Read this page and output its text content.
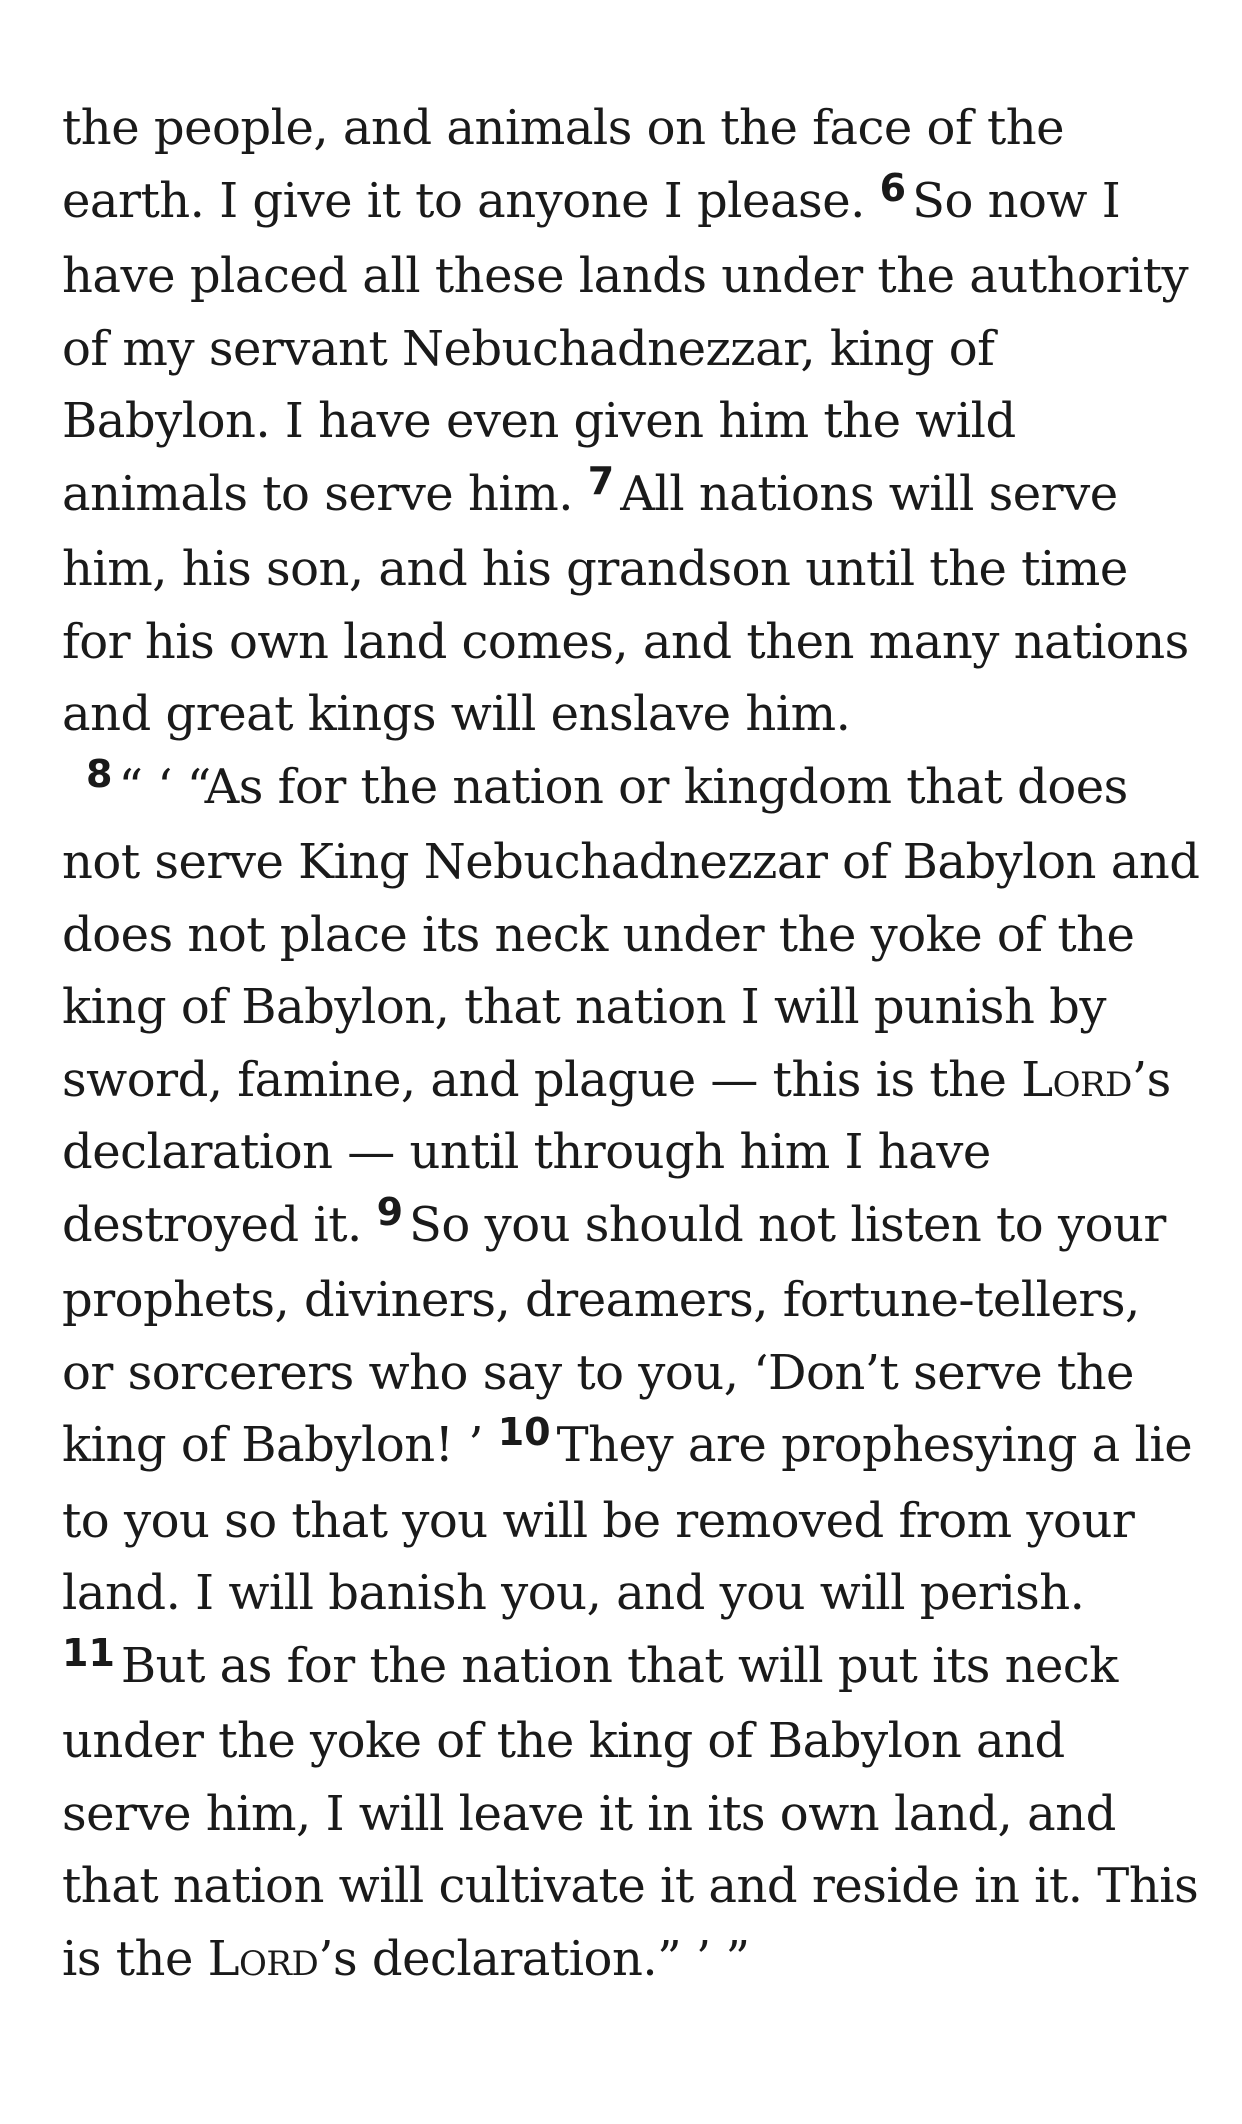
the people, and animals on the face of the earth. I give it to anyone I please. $^6$ So now I have placed all these lands under the authority of my servant Nebuchadnezzar, king of Babylon. I have even given him the wild animals to serve him. $^7$ All nations will serve him, his son, and his grandson until the time for his own land comes, and then many nations and great kings will enslave him.

$^8$ “ ‘ “As for the nation or kingdom that does not serve King Nebuchadnezzar of Babylon and does not place its neck under the yoke of the king of Babylon, that nation I will punish by sword, famine, and plague — this is the Lord’s declaration — until through him I have destroyed it. $^9$ So you should not listen to your prophets, diviners, dreamers, fortune-tellers, or sorcerers who say to you, ‘Don’t serve the king of Babylon! ’ $^{10}$ They are prophesying a lie to you so that you will be removed from your land. I will banish you, and you will perish. $^{11}$ But as for the nation that will put its neck under the yoke of the king of Babylon and serve him, I will leave it in its own land, and that nation will cultivate it and reside in it. This is the Lord’s declaration.” ’ ”
